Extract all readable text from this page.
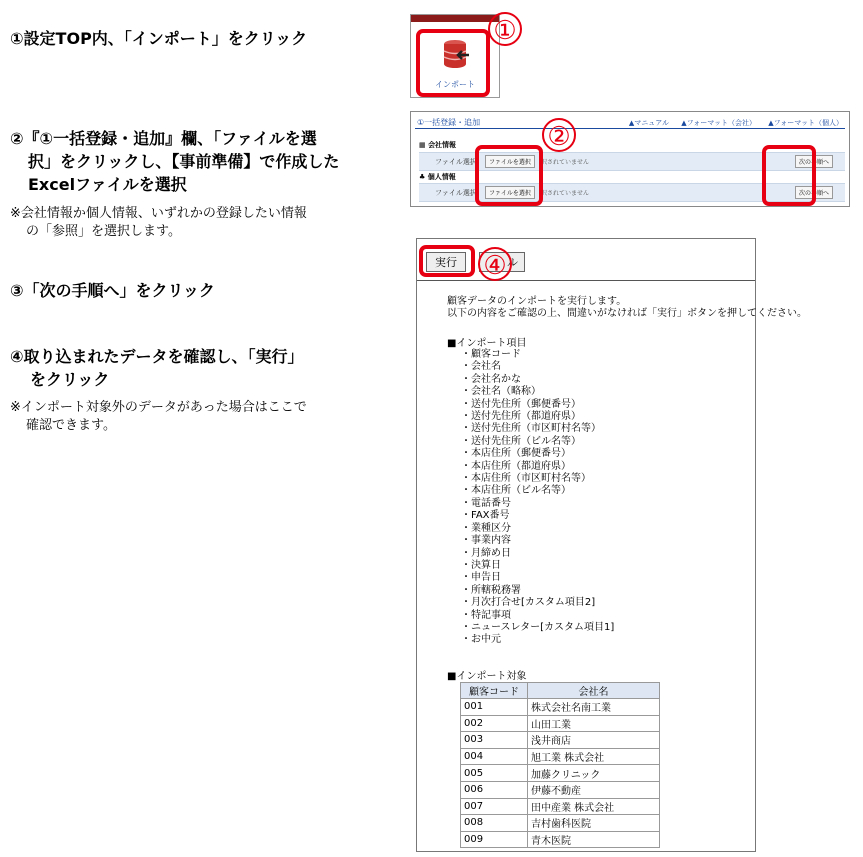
①設定TOP内、「インポート」をクリック
②『①一括登録・追加』欄、「ファイルを選
択」をクリックし、【事前準備】で作成した
Excelファイルを選択
※会社情報か個人情報、いずれかの登録したい情報
の「参照」を選択します。
③「次の手順へ」をクリック
④取り込まれたデータを確認し、「実行」
をクリック
※インポート対象外のデータがあった場合はここで
確認できます。
インポート
①
①一括登録・追加	▲マニュアル ▲フォーマット（会社） ▲フォーマット（個人）
▦ 会社情報
ファイル選択	ファイルを選択	択されていません	次の手順へ
♣ 個人情報
ファイル選択	ファイルを選択	択されていません	次の手順へ
②
実行	ル
顧客データのインポートを実行します。
以下の内容をご確認の上、間違いがなければ「実行」ボタンを押してください。
■インポート項目
・顧客コード
・会社名
・会社名かな
・会社名（略称）
・送付先住所（郵便番号）
・送付先住所（都道府県）
・送付先住所（市区町村名等）
・送付先住所（ビル名等）
・本店住所（郵便番号）
・本店住所（都道府県）
・本店住所（市区町村名等）
・本店住所（ビル名等）
・電話番号
・FAX番号
・業種区分
・事業内容
・月締め日
・決算日
・申告日
・所轄税務署
・月次打合せ[カスタム項目2]
・特記事項
・ニュースレター[カスタム項目1]
・お中元
■インポート対象
顧客コード	会社名
001	株式会社名南工業
002	山田工業
003	浅井商店
004	旭工業 株式会社
005	加藤クリニック
006	伊藤不動産
007	田中産業 株式会社
008	吉村歯科医院
009	青木医院
④
